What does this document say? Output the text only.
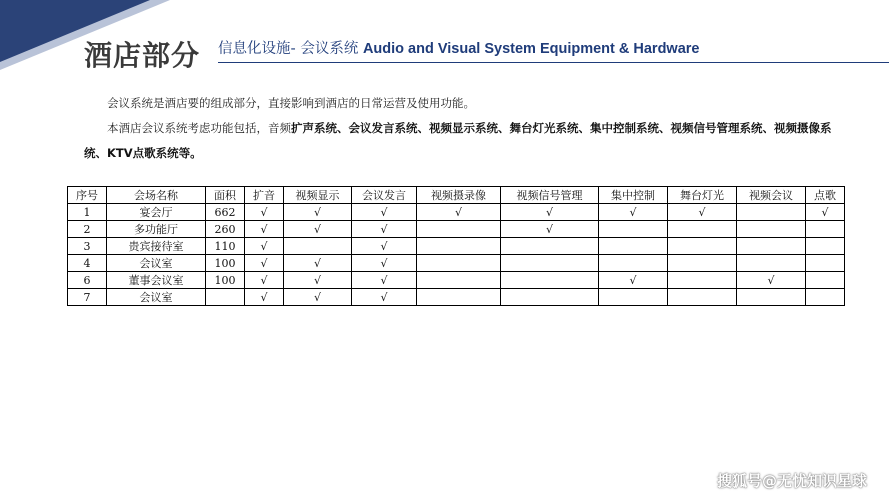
酒店部分 信息化设施- 会议系统 Audio and Visual System Equipment & Hardware

会议系统是酒店要的组成部分，直接影响到酒店的日常运营及使用功能。

本酒店会议系统考虑功能包括，音频扩声系统、会议发言系统、视频显示系统、舞台灯光系统、集中控制系统、视频信号管理系统、视频摄像系统、KTV点歌系统等。

序号	会场名称	面积	扩音	视频显示	会议发言	视频摄录像	视频信号管理	集中控制	舞台灯光	视频会议	点歌
1	宴会厅	662	√	√	√	√	√	√	√		√
2	多功能厅	260	√	√	√		√				
3	贵宾接待室	110	√		√						
4	会议室	100	√	√	√						
6	董事会议室	100	√	√	√			√		√	
7	会议室		√	√	√						
搜狐号@无忧知识星球
